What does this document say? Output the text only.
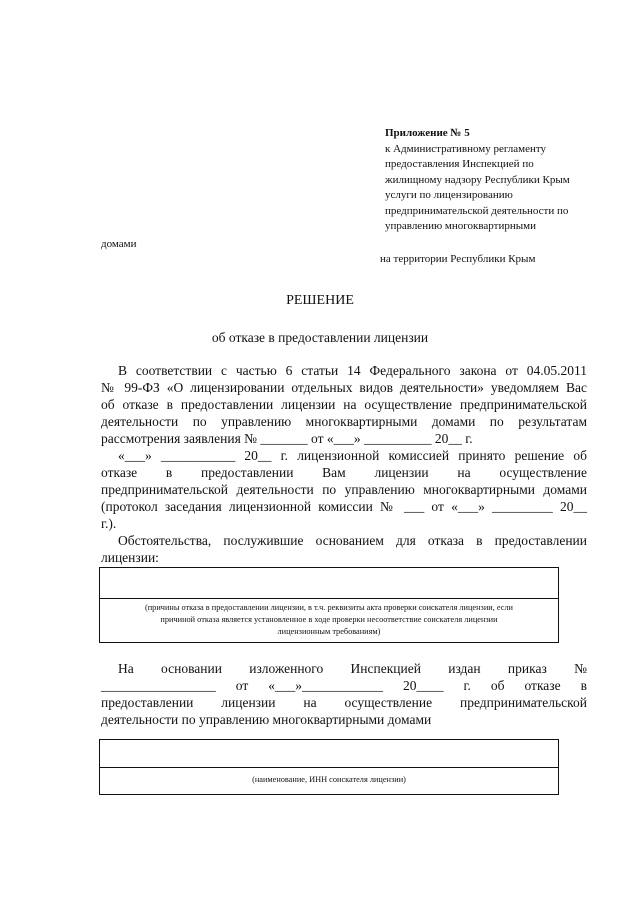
Приложение № 5
к Административному регламенту
предоставления Инспекцией по
жилищному надзору Республики Крым
услуги по лицензированию
предпринимательской деятельности по
управлению многоквартирными
домами
на территории Республики Крым
РЕШЕНИЕ
об отказе в предоставлении лицензии
В соответствии с частью 6 статьи 14 Федерального закона от 04.05.2011
№ 99-ФЗ «О лицензировании отдельных видов деятельности» уведомляем Вас
об отказе в предоставлении лицензии на осуществление предпринимательской
деятельности по управлению многоквартирными домами по результатам
рассмотрения заявления № _______ от «___» __________ 20__ г.
«___» ___________ 20__ г. лицензионной комиссией принято решение об
отказе в предоставлении Вам лицензии на осуществление
предпринимательской деятельности по управлению многоквартирными домами
(протокол заседания лицензионной комиссии № ___ от «___» _________ 20__
г.).
Обстоятельства, послужившие основанием для отказа в предоставлении
лицензии:
(причины отказа в предоставлении лицензии, в т.ч. реквизиты акта проверки соискателя лицензии, если
причиной отказа является установленное в ходе проверки несоответствие соискателя лицензии
лицензионным требованиям)
На основании изложенного Инспекцией издан приказ №
_________________ от «___»____________ 20____ г. об отказе в
предоставлении лицензии на осуществление предпринимательской
деятельности по управлению многоквартирными домами
(наименование, ИНН соискателя лицензии)
